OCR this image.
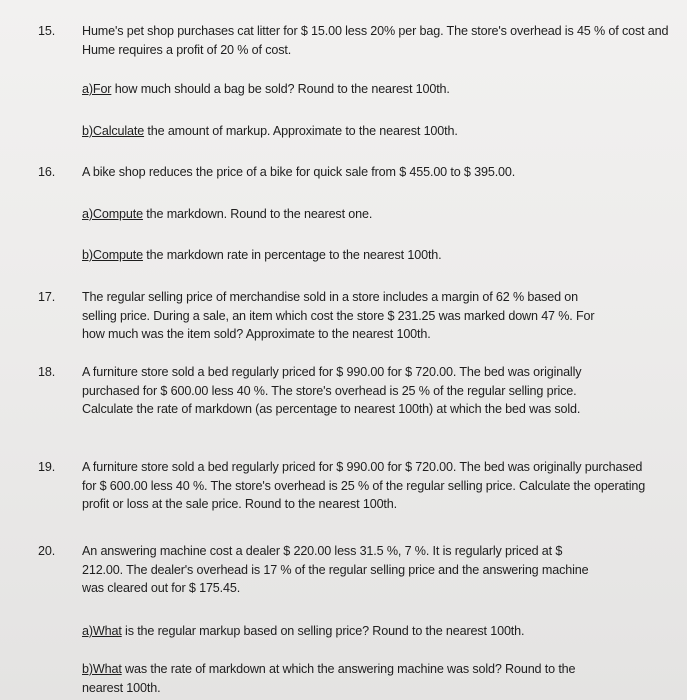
15. Hume's pet shop purchases cat litter for $ 15.00 less 20% per bag. The store's overhead is 45 % of cost and Hume requires a profit of 20 % of cost.
a)For how much should a bag be sold? Round to the nearest 100th.
b)Calculate the amount of markup. Approximate to the nearest 100th.
16. A bike shop reduces the price of a bike for quick sale from $ 455.00 to $ 395.00.
a)Compute the markdown. Round to the nearest one.
b)Compute the markdown rate in percentage to the nearest 100th.
17. The regular selling price of merchandise sold in a store includes a margin of 62 % based on selling price. During a sale, an item which cost the store $ 231.25 was marked down 47 %. For how much was the item sold? Approximate to the nearest 100th.
18. A furniture store sold a bed regularly priced for $ 990.00 for $ 720.00. The bed was originally purchased for $ 600.00 less 40 %. The store's overhead is 25 % of the regular selling price. Calculate the rate of markdown (as percentage to nearest 100th) at which the bed was sold.
19. A furniture store sold a bed regularly priced for $ 990.00 for $ 720.00. The bed was originally purchased for $ 600.00 less 40 %. The store's overhead is 25 % of the regular selling price. Calculate the operating profit or loss at the sale price. Round to the nearest 100th.
20. An answering machine cost a dealer $ 220.00 less 31.5 %, 7 %. It is regularly priced at $ 212.00. The dealer's overhead is 17 % of the regular selling price and the answering machine was cleared out for $ 175.45.
a)What is the regular markup based on selling price? Round to the nearest 100th.
b)What was the rate of markdown at which the answering machine was sold? Round to the nearest 100th.
